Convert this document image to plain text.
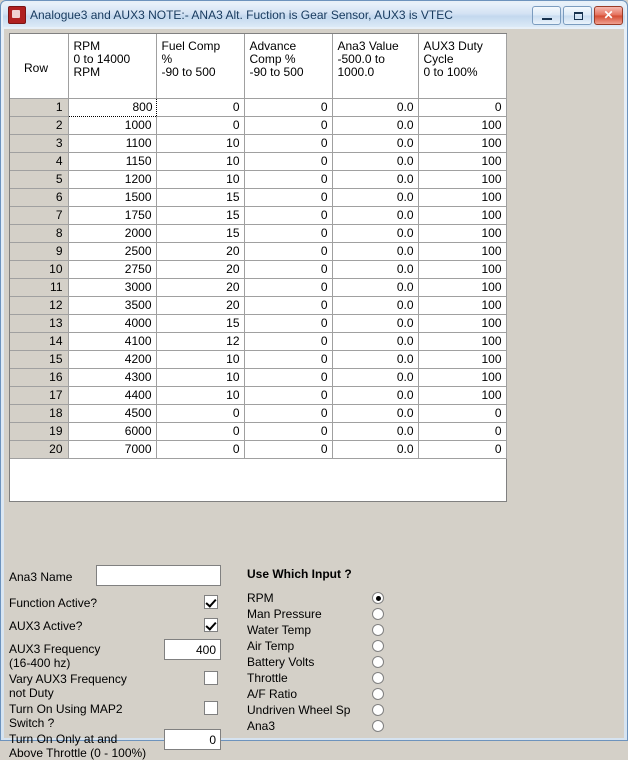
Analogue3 and AUX3 NOTE:- ANA3 Alt. Fuction is Gear Sensor, AUX3 is VTEC	✕
Row

RPM
0 to 14000
RPM

Fuel Comp
%
-90 to 500

Advance
Comp %
-90 to 500

Ana3 Value
-500.0 to
1000.0

AUX3 Duty
Cycle
0 to 100%

1	800	0	0	0.0	0
2	1000	0	0	0.0	100
3	1100	10	0	0.0	100
4	1150	10	0	0.0	100
5	1200	10	0	0.0	100
6	1500	15	0	0.0	100
7	1750	15	0	0.0	100
8	2000	15	0	0.0	100
9	2500	20	0	0.0	100
10	2750	20	0	0.0	100
11	3000	20	0	0.0	100
12	3500	20	0	0.0	100
13	4000	15	0	0.0	100
14	4100	12	0	0.0	100
15	4200	10	0	0.0	100
16	4300	10	0	0.0	100
17	4400	10	0	0.0	100
18	4500	0	0	0.0	0
19	6000	0	0	0.0	0
20	7000	0	0	0.0	0
Ana3 Name
Function Active?
AUX3 Active?
AUX3 Frequency
(16-400 hz)
400
Vary AUX3 Frequency
not Duty
Turn On Using MAP2
Switch ?
Turn On Only at and
Above Throttle (0 - 100%)
0
Use Which Input ?
RPM
Man Pressure
Water Temp
Air Temp
Battery Volts
Throttle
A/F Ratio
Undriven Wheel Sp
Ana3
